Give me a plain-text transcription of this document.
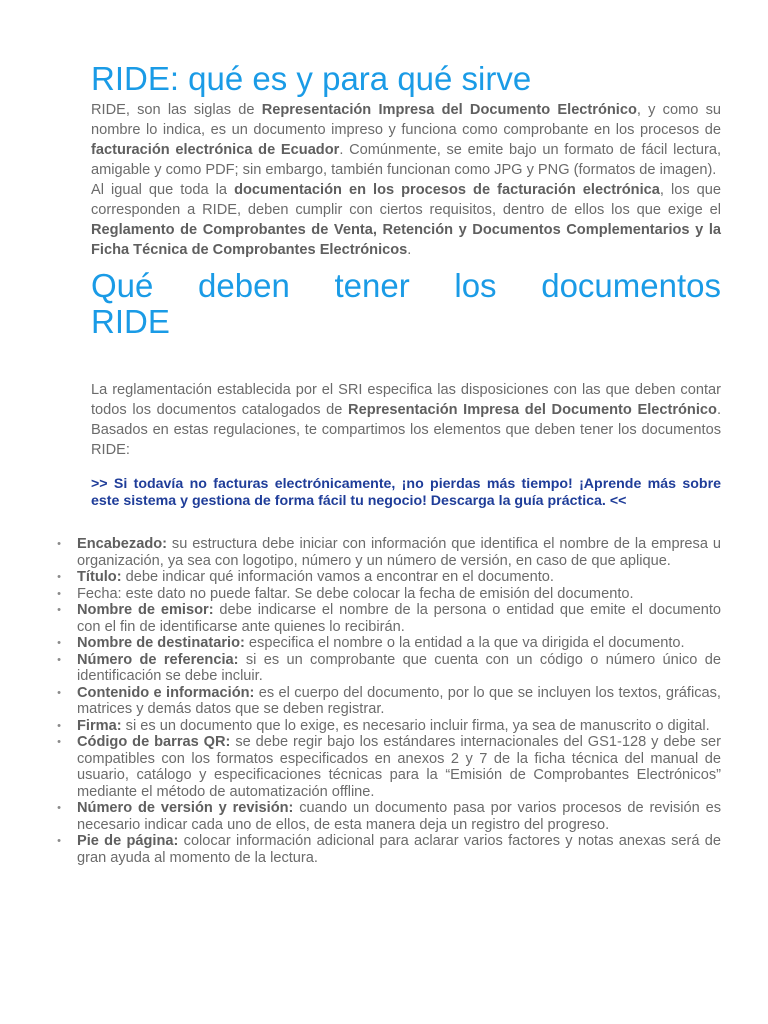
RIDE: qué es y para qué sirve

RIDE, son las siglas de Representación Impresa del Documento Electrónico, y como su nombre lo indica, es un documento impreso y funciona como comprobante en los procesos de facturación electrónica de Ecuador. Comúnmente, se emite bajo un formato de fácil lectura, amigable y como PDF; sin embargo, también funcionan como JPG y PNG (formatos de imagen).

Al igual que toda la documentación en los procesos de facturación electrónica, los que corresponden a RIDE, deben cumplir con ciertos requisitos, dentro de ellos los que exige el Reglamento de Comprobantes de Venta, Retención y Documentos Complementarios y la Ficha Técnica de Comprobantes Electrónicos.

Qué deben tener los documentos
RIDE

La reglamentación establecida por el SRI especifica las disposiciones con las que deben contar todos los documentos catalogados de Representación Impresa del Documento Electrónico. Basados en estas regulaciones, te compartimos los elementos que deben tener los documentos RIDE:

>> Si todavía no facturas electrónicamente, ¡no pierdas más tiempo! ¡Aprende más sobre este sistema y gestiona de forma fácil tu negocio! Descarga la guía práctica. <<

• Encabezado: su estructura debe iniciar con información que identifica el nombre de la empresa u organización, ya sea con logotipo, número y un número de versión, en caso de que aplique.
• Título: debe indicar qué información vamos a encontrar en el documento.
• Fecha: este dato no puede faltar. Se debe colocar la fecha de emisión del documento.
• Nombre de emisor: debe indicarse el nombre de la persona o entidad que emite el documento con el fin de identificarse ante quienes lo recibirán.
• Nombre de destinatario: especifica el nombre o la entidad a la que va dirigida el documento.
• Número de referencia: si es un comprobante que cuenta con un código o número único de identificación se debe incluir.
• Contenido e información: es el cuerpo del documento, por lo que se incluyen los textos, gráficas, matrices y demás datos que se deben registrar.
• Firma: si es un documento que lo exige, es necesario incluir firma, ya sea de manuscrito o digital.
• Código de barras QR: se debe regir bajo los estándares internacionales del GS1-128 y debe ser compatibles con los formatos especificados en anexos 2 y 7 de la ficha técnica del manual de usuario, catálogo y especificaciones técnicas para la “Emisión de Comprobantes Electrónicos” mediante el método de automatización offline.
• Número de versión y revisión: cuando un documento pasa por varios procesos de revisión es necesario indicar cada uno de ellos, de esta manera deja un registro del progreso.
• Pie de página: colocar información adicional para aclarar varios factores y notas anexas será de gran ayuda al momento de la lectura.
